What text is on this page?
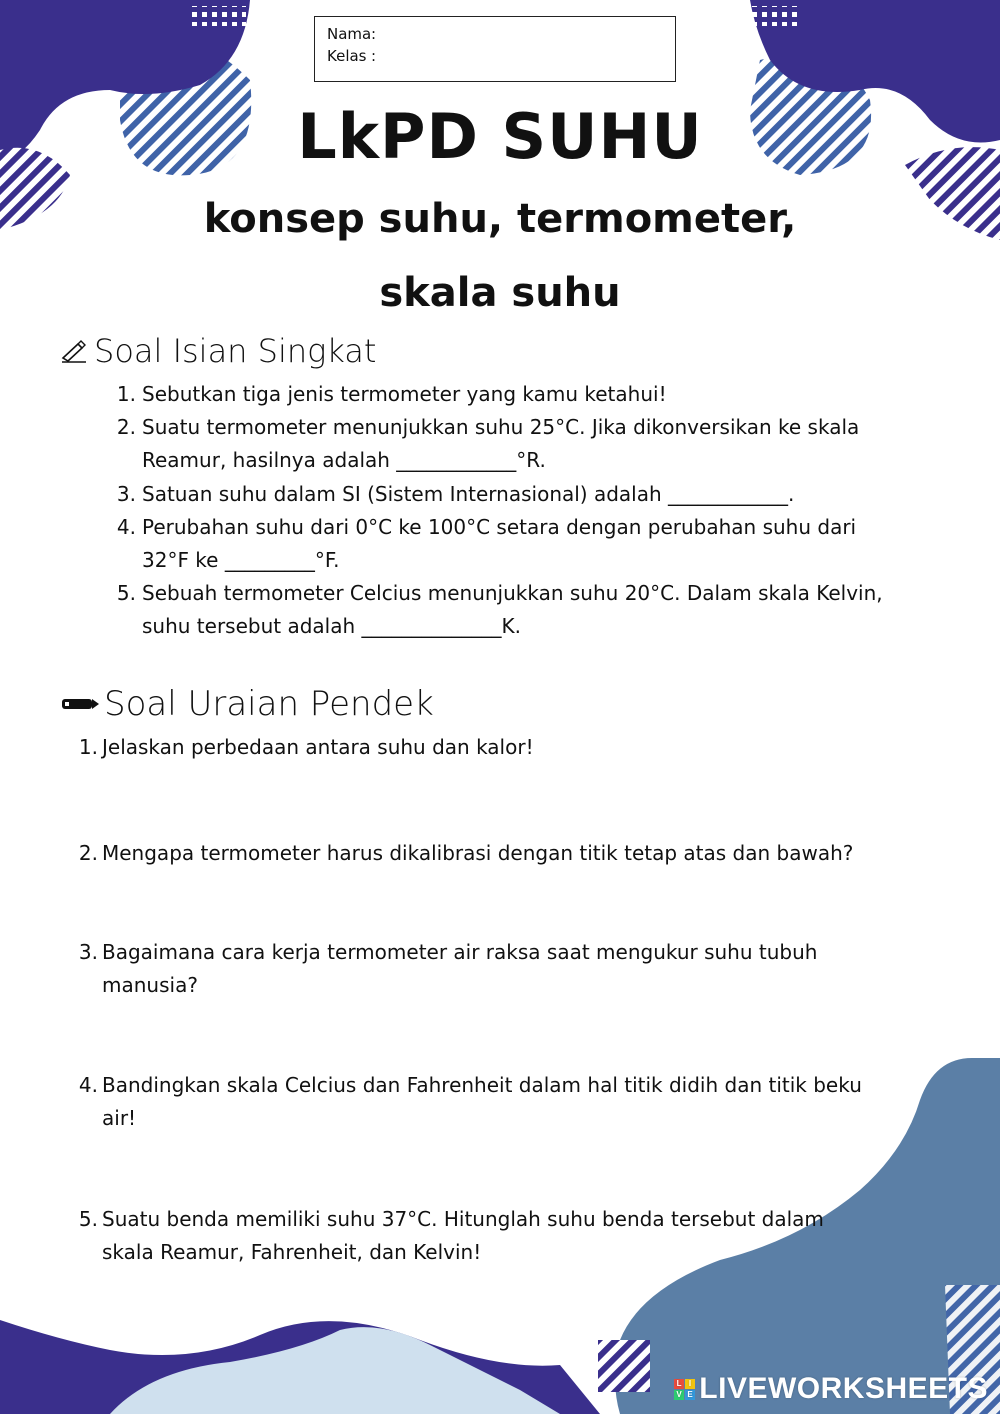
Nama:
Kelas :
LkPD SUHU
konsep suhu, termometer,
skala suhu
Soal Isian Singkat
1. Sebutkan tiga jenis termometer yang kamu ketahui!
2. Suatu termometer menunjukkan suhu 25°C. Jika dikonversikan ke skala
Reamur, hasilnya adalah ____________°R.
3. Satuan suhu dalam SI (Sistem Internasional) adalah ____________.
4. Perubahan suhu dari 0°C ke 100°C setara dengan perubahan suhu dari
32°F ke _________°F.
5. Sebuah termometer Celcius menunjukkan suhu 20°C. Dalam skala Kelvin,
suhu tersebut adalah ______________K.
Soal Uraian Pendek
1. Jelaskan perbedaan antara suhu dan kalor!
2. Mengapa termometer harus dikalibrasi dengan titik tetap atas dan bawah?
3. Bagaimana cara kerja termometer air raksa saat mengukur suhu tubuh
manusia?
4. Bandingkan skala Celcius dan Fahrenheit dalam hal titik didih dan titik beku
air!
5. Suatu benda memiliki suhu 37°C. Hitunglah suhu benda tersebut dalam
skala Reamur, Fahrenheit, dan Kelvin!
L I
V E LIVEWORKSHEETS
